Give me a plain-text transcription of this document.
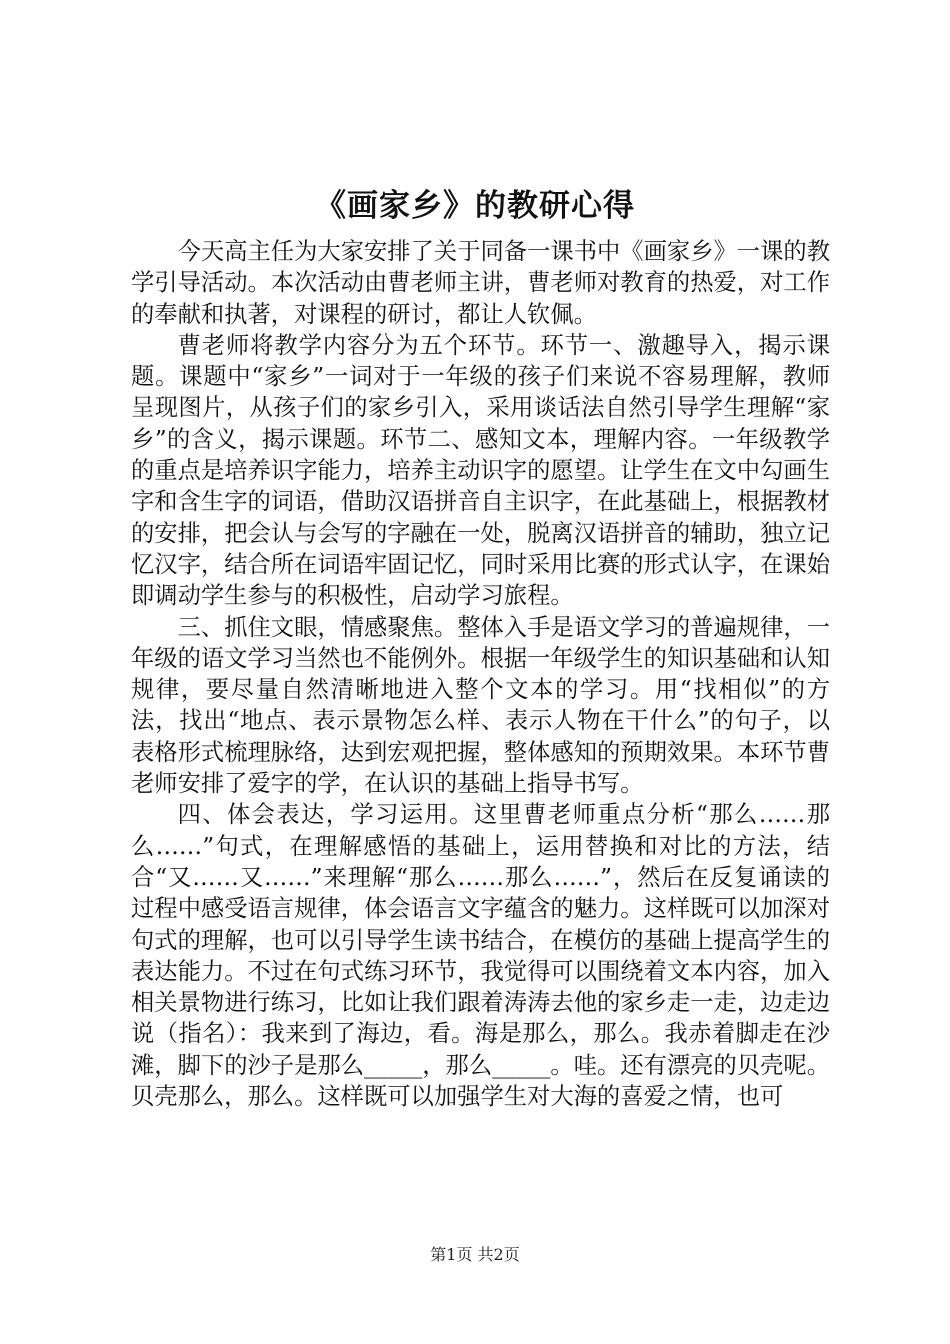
《画家乡》的教研心得

今天高主任为大家安排了关于同备一课书中《画家乡》一课的教学引导活动。本次活动由曹老师主讲，曹老师对教育的热爱，对工作的奉献和执著，对课程的研讨，都让人钦佩。

曹老师将教学内容分为五个环节。环节一、激趣导入，揭示课题。课题中“家乡”一词对于一年级的孩子们来说不容易理解，教师呈现图片，从孩子们的家乡引入，采用谈话法自然引导学生理解“家乡”的含义，揭示课题。环节二、感知文本，理解内容。一年级教学的重点是培养识字能力，培养主动识字的愿望。让学生在文中勾画生字和含生字的词语，借助汉语拼音自主识字，在此基础上，根据教材的安排，把会认与会写的字融在一处，脱离汉语拼音的辅助，独立记忆汉字，结合所在词语牢固记忆，同时采用比赛的形式认字，在课始即调动学生参与的积极性，启动学习旅程。

三、抓住文眼，情感聚焦。整体入手是语文学习的普遍规律，一年级的语文学习当然也不能例外。根据一年级学生的知识基础和认知规律，要尽量自然清晰地进入整个文本的学习。用“找相似”的方法，找出“地点、表示景物怎么样、表示人物在干什么”的句子，以表格形式梳理脉络，达到宏观把握，整体感知的预期效果。本环节曹老师安排了爱字的学，在认识的基础上指导书写。

四、体会表达，学习运用。这里曹老师重点分析“那么……那么……”句式，在理解感悟的基础上，运用替换和对比的方法，结合“又……又……”来理解“那么……那么……”，然后在反复诵读的过程中感受语言规律，体会语言文字蕴含的魅力。这样既可以加深对句式的理解，也可以引导学生读书结合，在模仿的基础上提高学生的表达能力。不过在句式练习环节，我觉得可以围绕着文本内容，加入相关景物进行练习，比如让我们跟着涛涛去他的家乡走一走，边走边说（指名）：我来到了海边，看。海是那么，那么。我赤着脚走在沙滩，脚下的沙子是那么_____，那么_____。哇。还有漂亮的贝壳呢。贝壳那么，那么。这样既可以加强学生对大海的喜爱之情，也可

第1页 共2页
